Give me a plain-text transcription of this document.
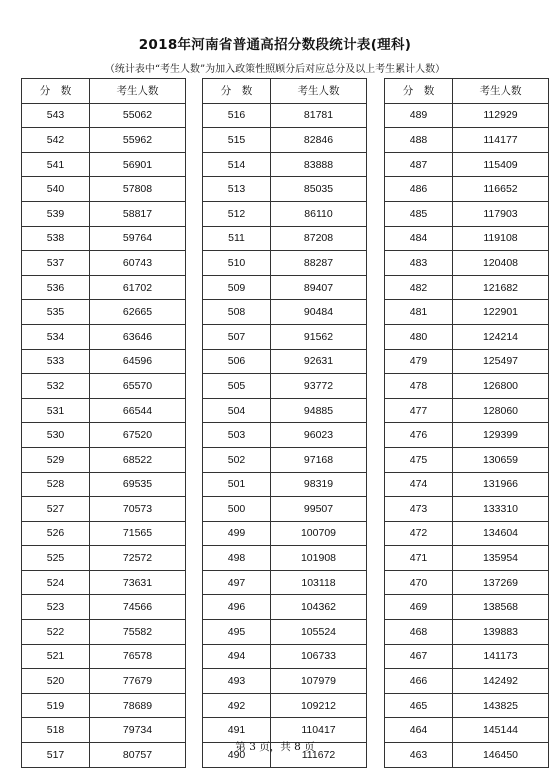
2018年河南省普通高招分数段统计表(理科)
（统计表中“考生人数”为加入政策性照顾分后对应总分及以上考生累计人数）
分　数	考生人数
543	55062
542	55962
541	56901
540	57808
539	58817
538	59764
537	60743
536	61702
535	62665
534	63646
533	64596
532	65570
531	66544
530	67520
529	68522
528	69535
527	70573
526	71565
525	72572
524	73631
523	74566
522	75582
521	76578
520	77679
519	78689
518	79734
517	80757
分　数	考生人数
516	81781
515	82846
514	83888
513	85035
512	86110
511	87208
510	88287
509	89407
508	90484
507	91562
506	92631
505	93772
504	94885
503	96023
502	97168
501	98319
500	99507
499	100709
498	101908
497	103118
496	104362
495	105524
494	106733
493	107979
492	109212
491	110417
490	111672
分　数	考生人数
489	112929
488	114177
487	115409
486	116652
485	117903
484	119108
483	120408
482	121682
481	122901
480	124214
479	125497
478	126800
477	128060
476	129399
475	130659
474	131966
473	133310
472	134604
471	135954
470	137269
469	138568
468	139883
467	141173
466	142492
465	143825
464	145144
463	146450
第 3 页，共 8 页
